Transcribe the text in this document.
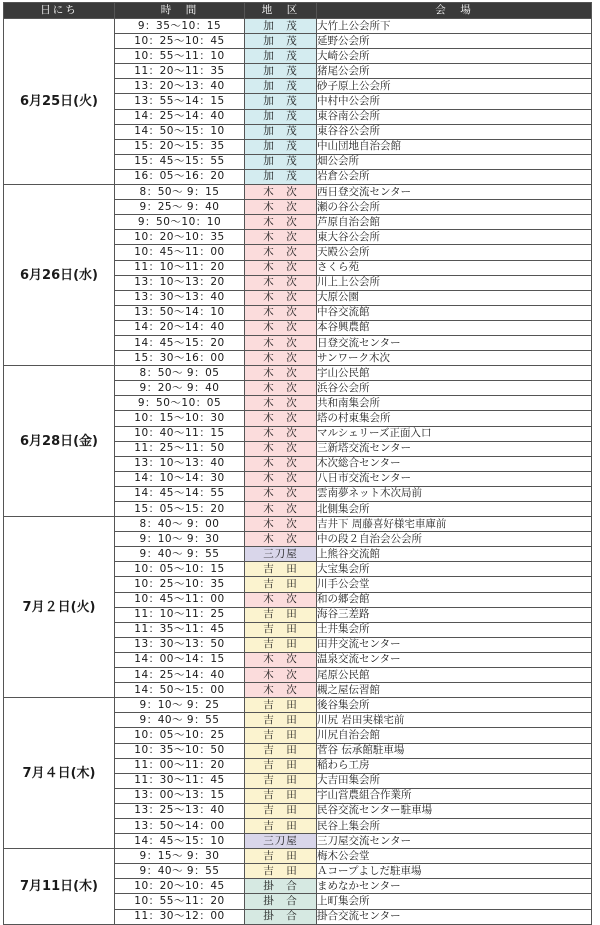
日にち	時　間	地　区	会　場
6月25日(火)	9：35～10：15	加　茂	大竹上公会所下
	10：25～10：45	加　茂	延野公会所
	10：55～11：10	加　茂	大崎公会所
	11：20～11：35	加　茂	猪尾公会所
	13：20～13：40	加　茂	砂子原上公会所
	13：55～14：15	加　茂	中村中公会所
	14：25～14：40	加　茂	東谷南公会所
	14：50～15：10	加　茂	東谷谷公会所
	15：20～15：35	加　茂	中山団地自治会館
	15：45～15：55	加　茂	畑公会所
	16：05～16：20	加　茂	岩倉公会所
6月26日(水)	8：50～ 9：15	木　次	西日登交流センター
	9：25～ 9：40	木　次	瀬の谷公会所
	9：50～10：10	木　次	芦原自治会館
	10：20～10：35	木　次	東大谷公会所
	10：45～11：00	木　次	天殿公会所
	11：10～11：20	木　次	さくら苑
	13：10～13：20	木　次	川上上公会所
	13：30～13：40	木　次	大原公園
	13：50～14：10	木　次	中谷交流館
	14：20～14：40	木　次	本谷興農館
	14：45～15：20	木　次	日登交流センター
	15：30～16：00	木　次	サンワーク木次
6月28日(金)	8：50～ 9：05	木　次	宇山公民館
	9：20～ 9：40	木　次	浜谷公会所
	9：50～10：05	木　次	共和南集会所
	10：15～10：30	木　次	塔の村東集会所
	10：40～11：15	木　次	マルシェリーズ正面入口
	11：25～11：50	木　次	三新塔交流センター
	13：10～13：40	木　次	木次総合センター
	14：10～14：30	木　次	八日市交流センター
	14：45～14：55	木　次	雲南夢ネット木次局前
	15：05～15：20	木　次	北側集会所
7月２日(火)	8：40～ 9：00	木　次	吉井下 周藤喜好様宅車庫前
	9：10～ 9：30	木　次	中の段２自治会公会所
	9：40～ 9：55	三刀屋	上熊谷交流館
	10：05～10：15	吉　田	大宝集会所
	10：25～10：35	吉　田	川手公会堂
	10：45～11：00	木　次	和の郷会館
	11：10～11：25	吉　田	海谷三差路
	11：35～11：45	吉　田	土井集会所
	13：30～13：50	吉　田	田井交流センター
	14：00～14：15	木　次	温泉交流センター
	14：25～14：40	木　次	尾原公民館
	14：50～15：00	木　次	槻之屋伝習館
7月４日(木)	9：10～ 9：25	吉　田	後谷集会所
	9：40～ 9：55	吉　田	川尻 岩田実様宅前
	10：05～10：25	吉　田	川尻自治会館
	10：35～10：50	吉　田	菅谷 伝承館駐車場
	11：00～11：20	吉　田	稲わら工房
	11：30～11：45	吉　田	大吉田集会所
	13：00～13：15	吉　田	宇山営農組合作業所
	13：25～13：40	吉　田	民谷交流センター駐車場
	13：50～14：00	吉　田	民谷上集会所
	14：45～15：10	三刀屋	三刀屋交流センター
7月11日(木)	9：15～ 9：30	吉　田	梅木公会堂
	9：40～ 9：55	吉　田	Ａコープよしだ駐車場
	10：20～10：45	掛　合	まめなかセンター
	10：55～11：20	掛　合	上町集会所
	11：30～12：00	掛　合	掛合交流センター
